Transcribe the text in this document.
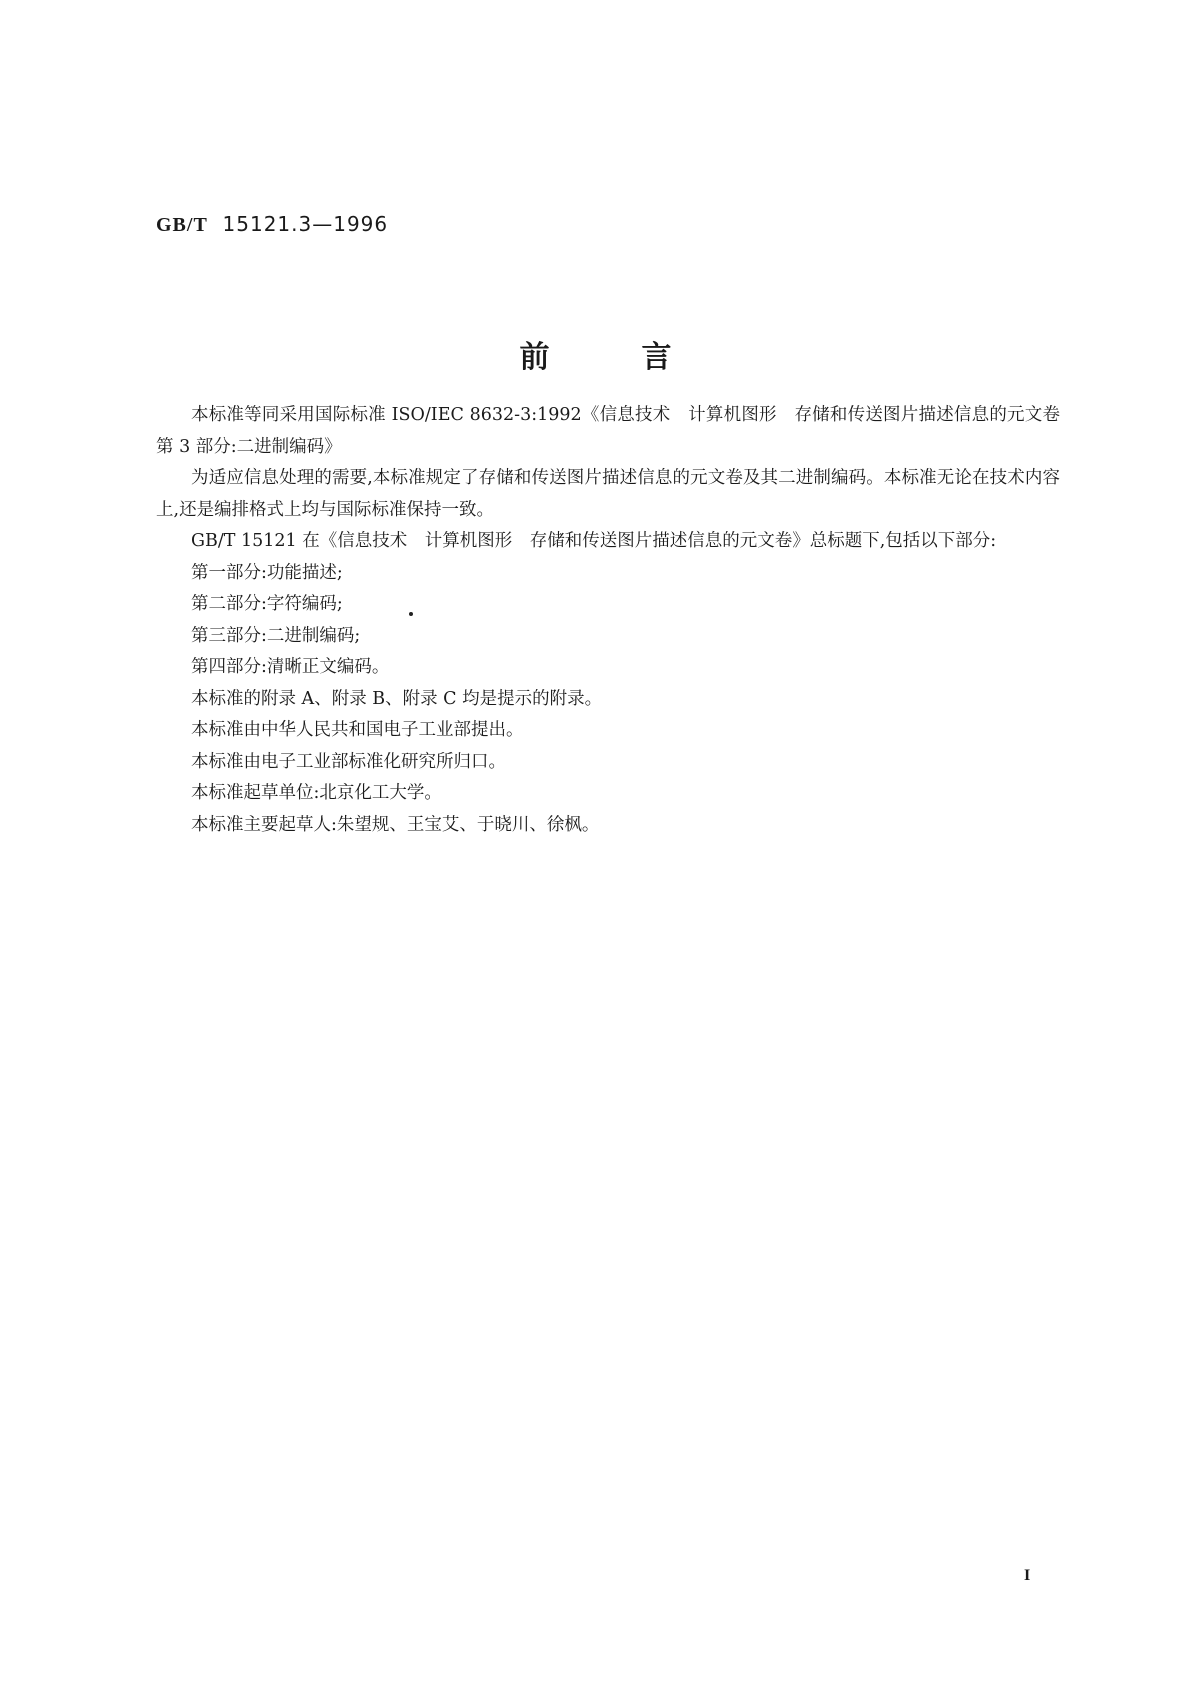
GB/T 15121.3—1996
前言

本标准等同采用国际标准 ISO/IEC 8632-3:1992《信息技术　计算机图形　存储和传送图片描述信息的元文卷　第 3 部分:二进制编码》

为适应信息处理的需要,本标准规定了存储和传送图片描述信息的元文卷及其二进制编码。本标准无论在技术内容上,还是编排格式上均与国际标准保持一致。

GB/T 15121 在《信息技术　计算机图形　存储和传送图片描述信息的元文卷》总标题下,包括以下部分:

第一部分:功能描述;

第二部分:字符编码;

第三部分:二进制编码;

第四部分:清晰正文编码。

本标准的附录 A、附录 B、附录 C 均是提示的附录。

本标准由中华人民共和国电子工业部提出。

本标准由电子工业部标准化研究所归口。

本标准起草单位:北京化工大学。

本标准主要起草人:朱望规、王宝艾、于晓川、徐枫。

I
